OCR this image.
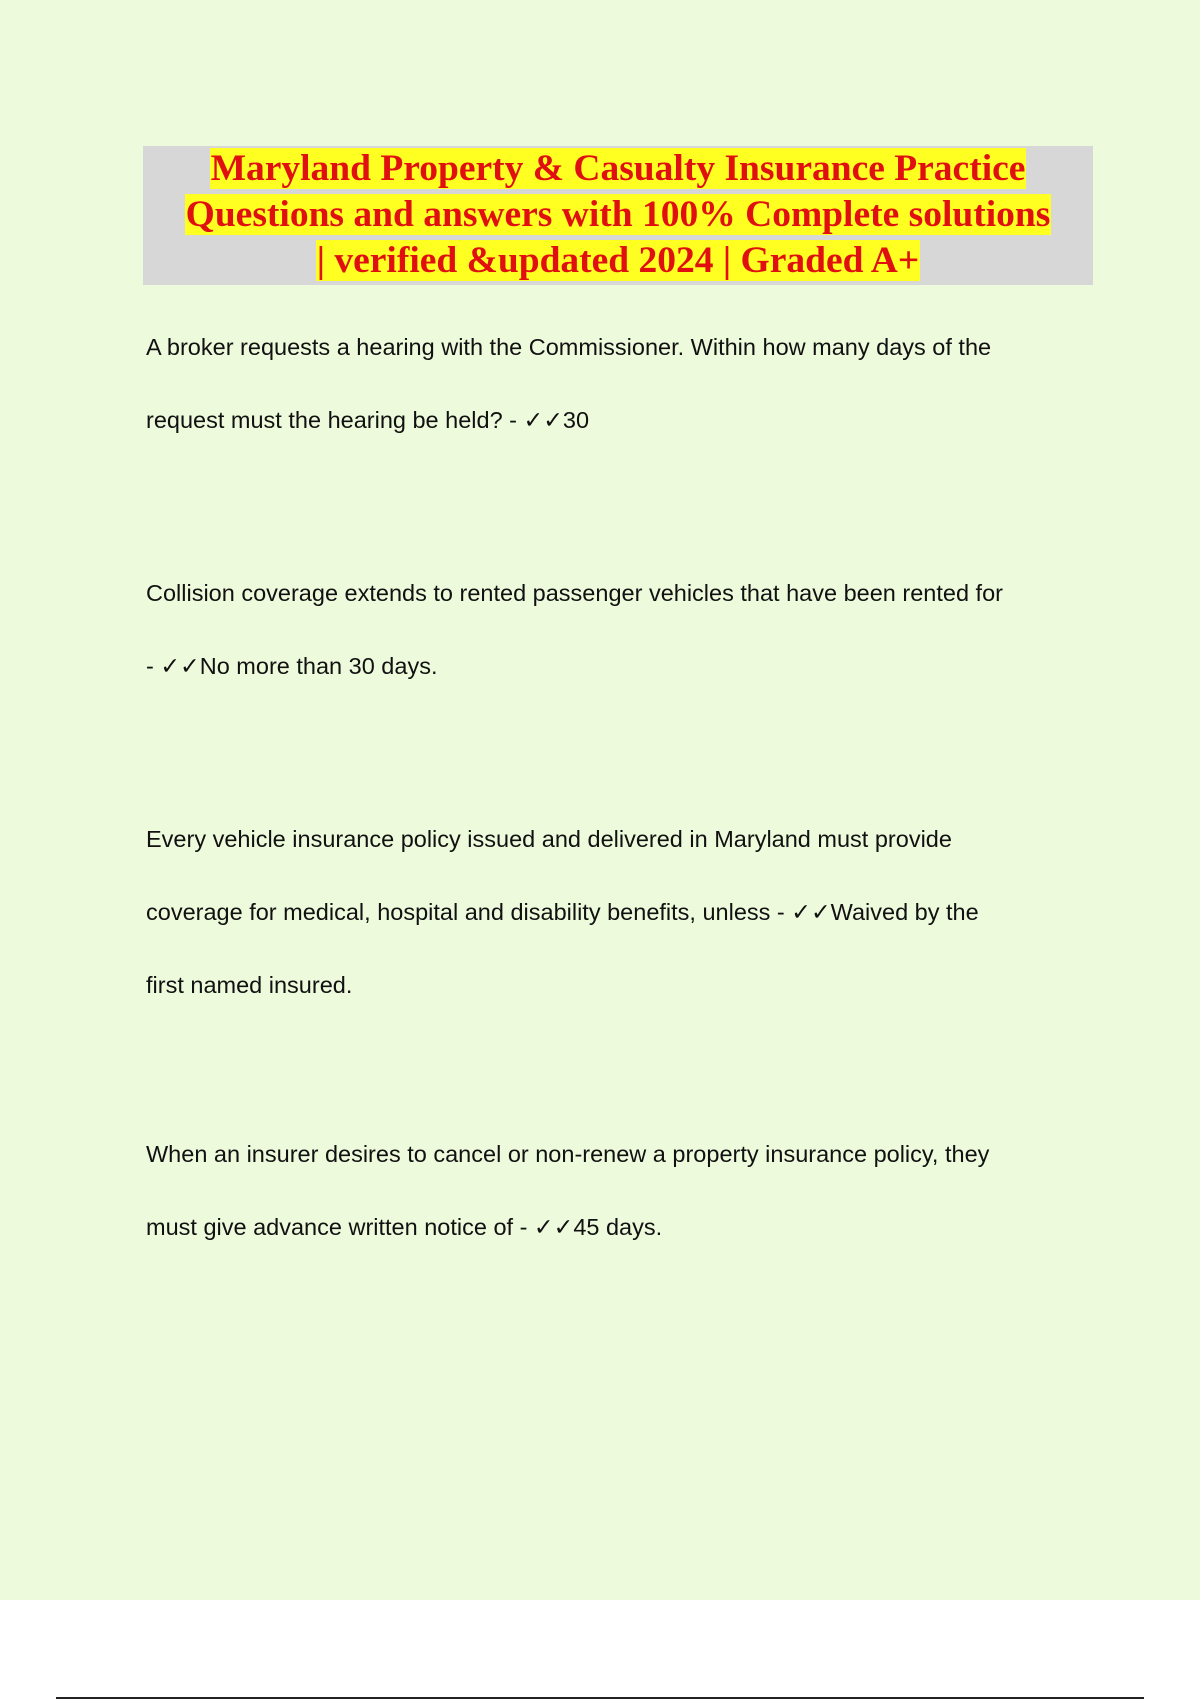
Maryland Property & Casualty Insurance Practice
Questions and answers with 100% Complete solutions
| verified &updated 2024 | Graded A+

A broker requests a hearing with the Commissioner. Within how many days of the

request must the hearing be held? - ✓✓30

Collision coverage extends to rented passenger vehicles that have been rented for

- ✓✓No more than 30 days.

Every vehicle insurance policy issued and delivered in Maryland must provide

coverage for medical, hospital and disability benefits, unless - ✓✓Waived by the

first named insured.

When an insurer desires to cancel or non-renew a property insurance policy, they

must give advance written notice of - ✓✓45 days.
